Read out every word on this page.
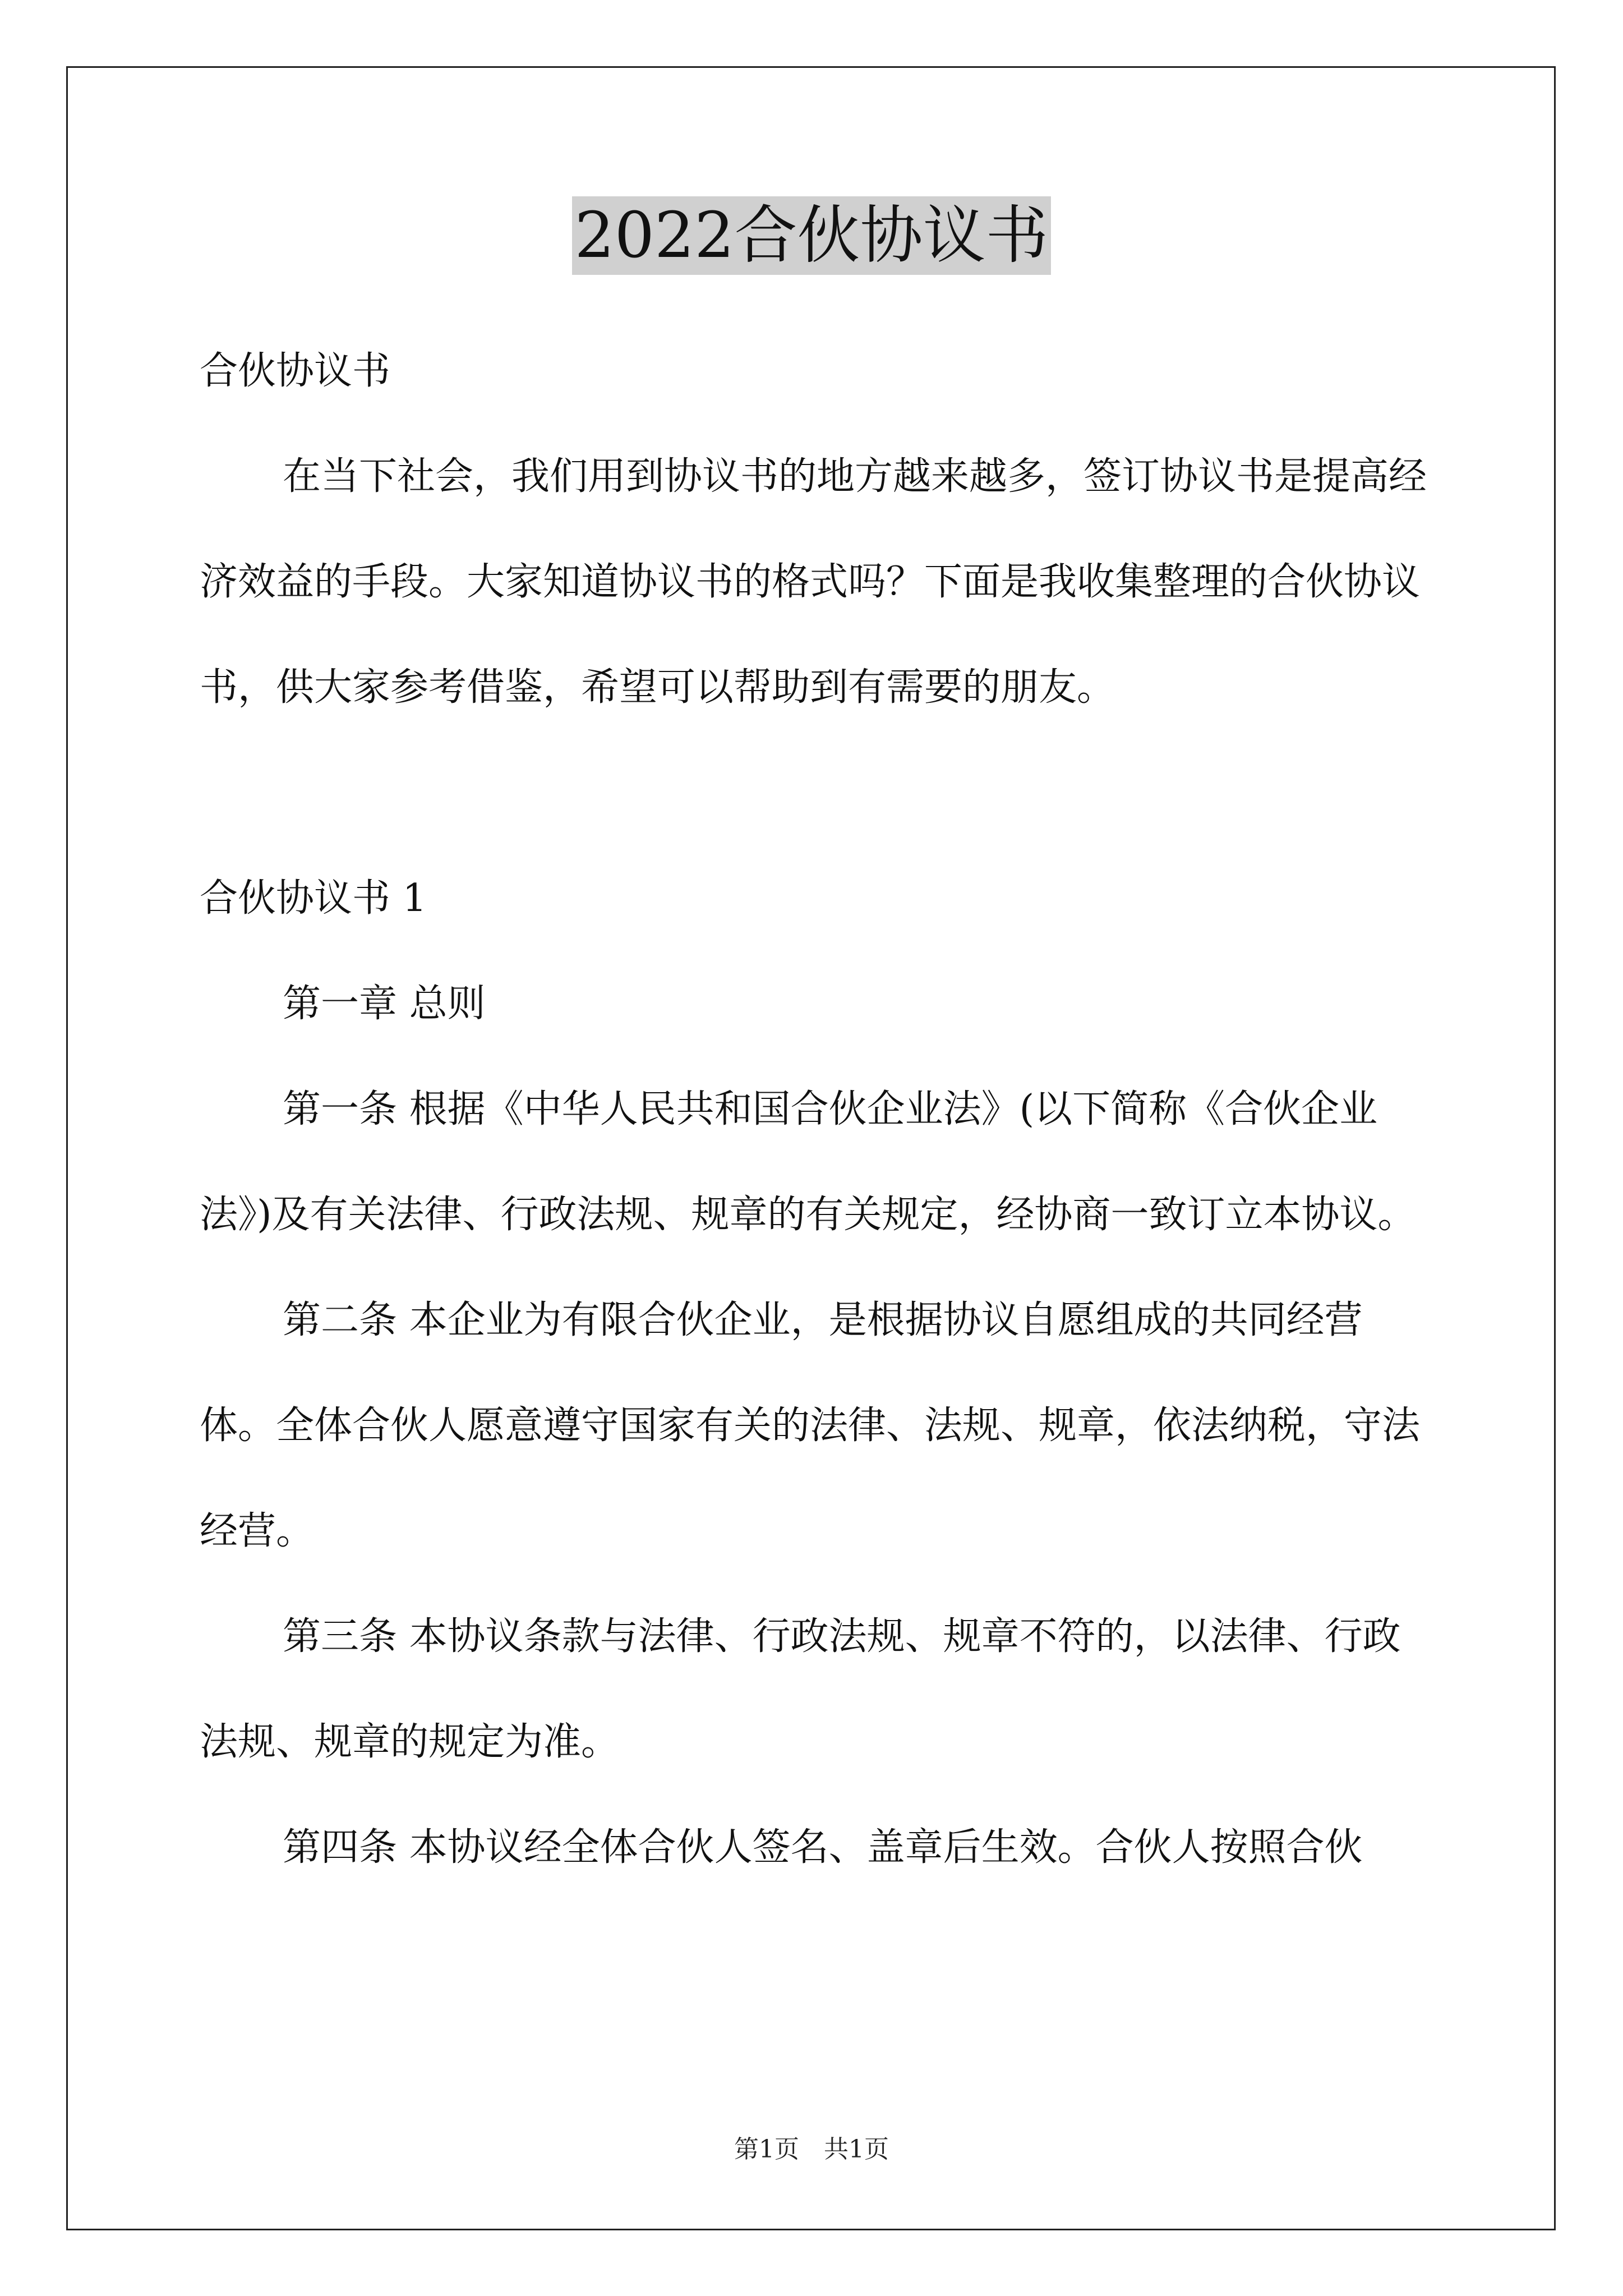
2022合伙协议书

合伙协议书

在当下社会，我们用到协议书的地方越来越多，签订协议书是提高经济效益的手段。大家知道协议书的格式吗？下面是我收集整理的合伙协议书，供大家参考借鉴，希望可以帮助到有需要的朋友。

合伙协议书 1

第一章 总则

第一条 根据《中华人民共和国合伙企业法》(以下简称《合伙企业法》)及有关法律、行政法规、规章的有关规定，经协商一致订立本协议。

第二条 本企业为有限合伙企业，是根据协议自愿组成的共同经营体。全体合伙人愿意遵守国家有关的法律、法规、规章，依法纳税，守法经营。

第三条 本协议条款与法律、行政法规、规章不符的，以法律、行政法规、规章的规定为准。

第四条 本协议经全体合伙人签名、盖章后生效。合伙人按照合伙

第1页　共1页
